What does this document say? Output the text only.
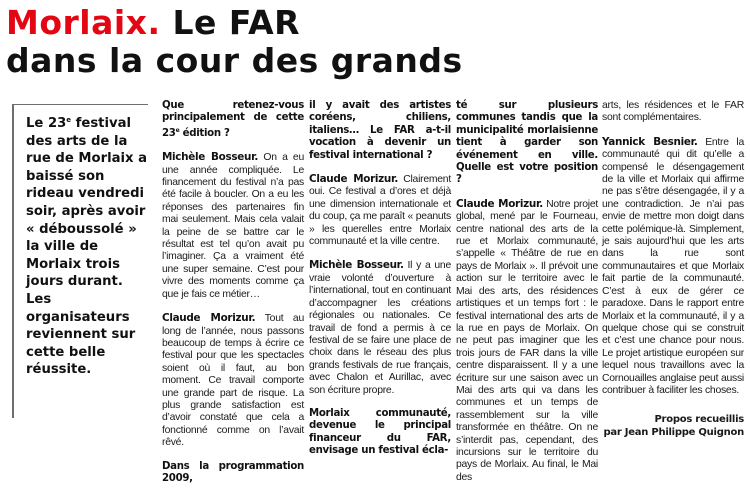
Morlaix. Le FAR
dans la cour des grands
Le 23e festival des arts de la rue de Morlaix a baissé son rideau vendredi soir, après avoir « déboussolé » la ville de Morlaix trois jours durant. Les organisateurs reviennent sur cette belle réussite.

Que retenez-vous principalement de cette 23e édition ?

Michèle Bosseur. On a eu une année compliquée. Le financement du festival n’a pas été facile à boucler. On a eu les réponses des partenaires fin mai seulement. Mais cela valait la peine de se battre car le résultat est tel qu’on avait pu l’imaginer. Ça a vraiment été une super semaine. C’est pour vivre des moments comme ça que je fais ce métier…

Claude Morizur. Tout au long de l’année, nous passons beaucoup de temps à écrire ce festival pour que les spectacles soient où il faut, au bon moment. Ce travail comporte une grande part de risque. La plus grande satisfaction est d’avoir constaté que cela a fonctionné comme on l’avait rêvé.

Dans la programmation 2009,

il y avait des artistes coréens, chiliens, italiens… Le FAR a-t-il vocation à devenir un festival international ?

Claude Morizur. Clairement oui. Ce festival a d’ores et déjà une dimension internationale et du coup, ça me paraît « peanuts » les querelles entre Morlaix communauté et la ville centre.

Michèle Bosseur. Il y a une vraie volonté d’ouverture à l’international, tout en continuant d’accompagner les créations régionales ou nationales. Ce travail de fond a permis à ce festival de se faire une place de choix dans le réseau des plus grands festivals de rue français, avec Chalon et Aurillac, avec son écriture propre.

Morlaix communauté, devenue le principal financeur du FAR, envisage un festival écla-

té sur plusieurs communes tandis que la municipalité morlaisienne tient à garder son événement en ville. Quelle est votre position ?

Claude Morizur. Notre projet global, mené par le Fourneau, centre national des arts de la rue et Morlaix communauté, s’appelle « Théâtre de rue en pays de Morlaix ». Il prévoit une action sur le territoire avec le Mai des arts, des résidences artistiques et un temps fort : le festival international des arts de la rue en pays de Morlaix. On ne peut pas imaginer que les trois jours de FAR dans la ville centre disparaissent. Il y a une écriture sur une saison avec un Mai des arts qui va dans les communes et un temps de rassemblement sur la ville transformée en théâtre. On ne s’interdit pas, cependant, des incursions sur le territoire du pays de Morlaix. Au final, le Mai des

arts, les résidences et le FAR sont complémentaires.

Yannick Besnier. Entre la communauté qui dit qu’elle a compensé le désengagement de la ville et Morlaix qui affirme ne pas s’être désengagée, il y a une contradiction. Je n’ai pas envie de mettre mon doigt dans cette polémique-là. Simplement, je sais aujourd’hui que les arts dans la rue sont communautaires et que Morlaix fait partie de la communauté. C’est à eux de gérer ce paradoxe. Dans le rapport entre Morlaix et la communauté, il y a quelque chose qui se construit et c’est une chance pour nous. Le projet artistique européen sur lequel nous travaillons avec la Cornouailles anglaise peut aussi contribuer à faciliter les choses.

Propos recueillis
par Jean Philippe Quignon
